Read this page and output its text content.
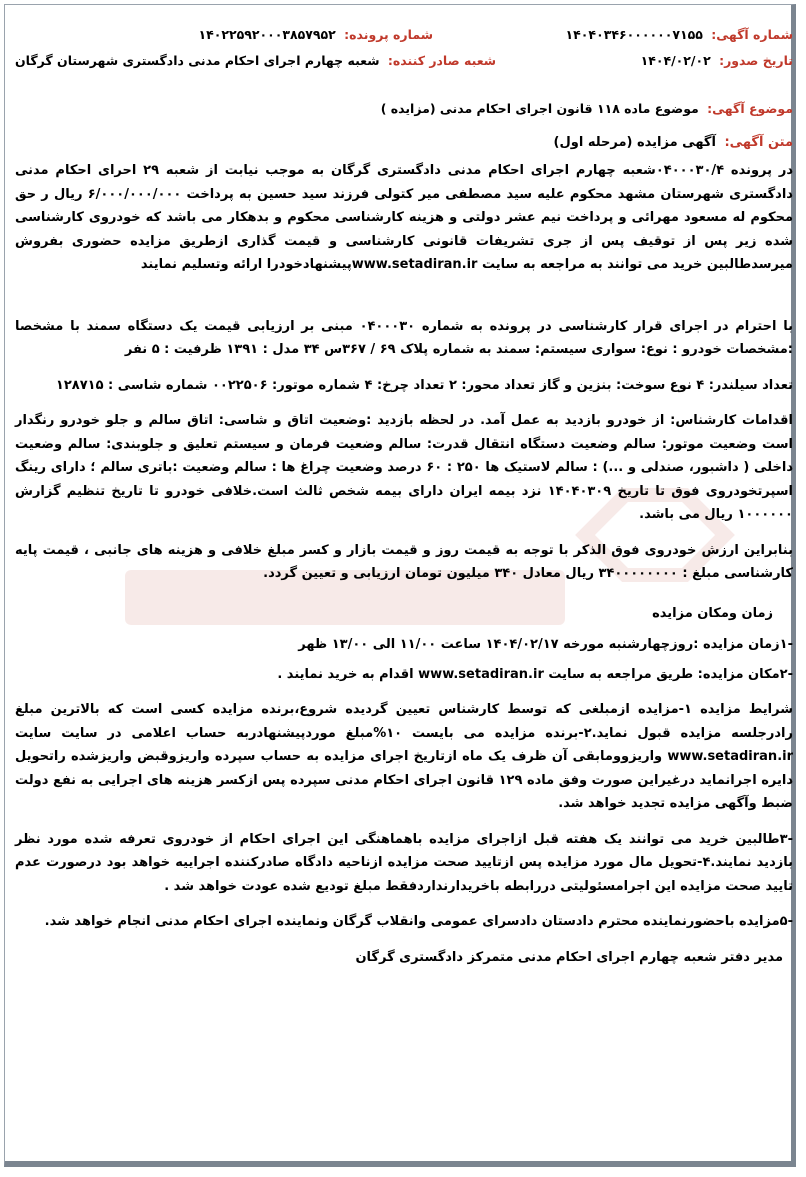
شماره آگهی: ۱۴۰۴۰۳۴۶۰۰۰۰۰۰۷۱۵۵
شماره پرونده: ۱۴۰۲۲۵۹۲۰۰۰۳۸۵۷۹۵۲
تاریخ صدور: ۱۴۰۴/۰۲/۰۲
شعبه صادر کننده: شعبه چهارم اجرای احکام مدنی دادگستری شهرستان گرگان
موضوع آگهی: موضوع ماده ۱۱۸ قانون اجرای احکام مدنی (مزایده )
متن آگهی: آگهی مزایده (مرحله اول)

در پرونده ۰۴۰۰۰۳۰/۴شعبه چهارم اجرای احکام مدنی دادگستری گرگان به موجب نیابت از شعبه ۲۹ احرای احکام مدنی دادگستری شهرستان مشهد محکوم علیه سید مصطفی میر کتولی فرزند سید حسین به پرداخت ۶/۰۰۰/۰۰۰/۰۰۰ ریال ر حق محکوم له مسعود مهرائی و پرداخت نیم عشر دولتی و هزینه کارشناسی محکوم و بدهکار می باشد که خودروی کارشناسی شده زیر پس از توقیف پس از جری تشریفات قانونی کارشناسی و قیمت گذاری ازطریق مزایده حضوری بفروش میرسدطالبین خرید می توانند به مراجعه به سایت www.setadiran.irپیشنهادخودرا ارائه وتسلیم نمایند

با احترام در اجرای قرار کارشناسی در پرونده به شماره ۰۴۰۰۰۳۰ مبنی بر ارزیابی قیمت یک دستگاه سمند با مشخصا :مشخصات خودرو : نوع: سواری سیستم: سمند به شماره پلاک ۶۹ / ۳۶۷س ۳۴ مدل : ۱۳۹۱ ظرفیت : ۵ نفر

تعداد سیلندر: ۴ نوع سوخت: بنزین و گاز تعداد محور: ۲ تعداد چرخ: ۴ شماره موتور: ۰۰۲۲۵۰۶ شماره شاسی : ۱۲۸۷۱۵

اقدامات کارشناس: از خودرو بازدید به عمل آمد. در لحظه بازدید :وضعیت اتاق و شاسی: اتاق سالم و جلو خودرو رنگدار است وضعیت موتور: سالم وضعیت دستگاه انتقال قدرت: سالم وضعیت فرمان و سیستم تعلیق و جلوبندی: سالم وضعیت داخلی ( داشبور، صندلی و ...) : سالم لاستیک ها ۲۵۰ : ۶۰ درصد وضعیت چراغ ها : سالم وضعیت :باتری سالم ؛ دارای رینگ اسپرتخودروی فوق تا تاریخ ۱۴۰۴۰۳۰۹ نزد بیمه ایران دارای بیمه شخص ثالث است.خلافی خودرو تا تاریخ تنظیم گزارش ۱۰۰۰۰۰۰ ریال می باشد.

بنابراین ارزش خودروی فوق الذکر با توجه به قیمت روز و قیمت بازار و کسر مبلغ خلافی و هزینه های جانبی ، قیمت پایه کارشناسی مبلغ : ۳۴۰۰۰۰۰۰۰۰ ریال معادل ۳۴۰ میلیون تومان ارزیابی و تعیین گردد.

زمان ومکان مزایده

-۱زمان مزایده :روزچهارشنبه مورخه ۱۴۰۴/۰۲/۱۷ ساعت ۱۱/۰۰ الی ۱۳/۰۰ ظهر

-۲مکان مزایده: طریق مراجعه به سایت www.setadiran.ir اقدام به خرید نمایند .

شرایط مزایده ۱-مزایده ازمبلغی که توسط کارشناس تعیین گردیده شروع،برنده مزایده کسی است که بالاترین مبلغ رادرجلسه مزایده قبول نماید.۲-برنده مزایده می بایست ۱۰%مبلغ موردپیشنهادربه حساب اعلامی در سایت سایت www.setadiran.ir واریزوومابقی آن ظرف یک ماه ازتاریخ اجرای مزایده به حساب سپرده واریزوقبض واریزشده راتحویل دایره اجرانماید درغیراین صورت وفق ماده ۱۲۹ قانون اجرای احکام مدنی سپرده پس ازکسر هزینه های اجرایی به نفع دولت ضبط وآگهی مزایده تجدید خواهد شد.

-۳طالبین خرید می توانند یک هفته قبل ازاجرای مزایده باهماهنگی این اجرای احکام از خودروی تعرفه شده مورد نظر بازدید نمایند.۴-تحویل مال مورد مزایده پس ازتایید صحت مزایده ازناحیه دادگاه صادرکننده اجراییه خواهد بود درصورت عدم تایید صحت مزایده این اجرامسئولیتی دررابطه باخریدارندارد‌فقط مبلغ تودیع شده عودت خواهد شد .

-۵مزایده باحضورنماینده محترم دادستان دادسرای عمومی وانقلاب گرگان ونماینده اجرای احکام مدنی انجام خواهد شد.

مدیر دفتر شعبه چهارم اجرای احکام مدنی متمرکز دادگستری گرگان
